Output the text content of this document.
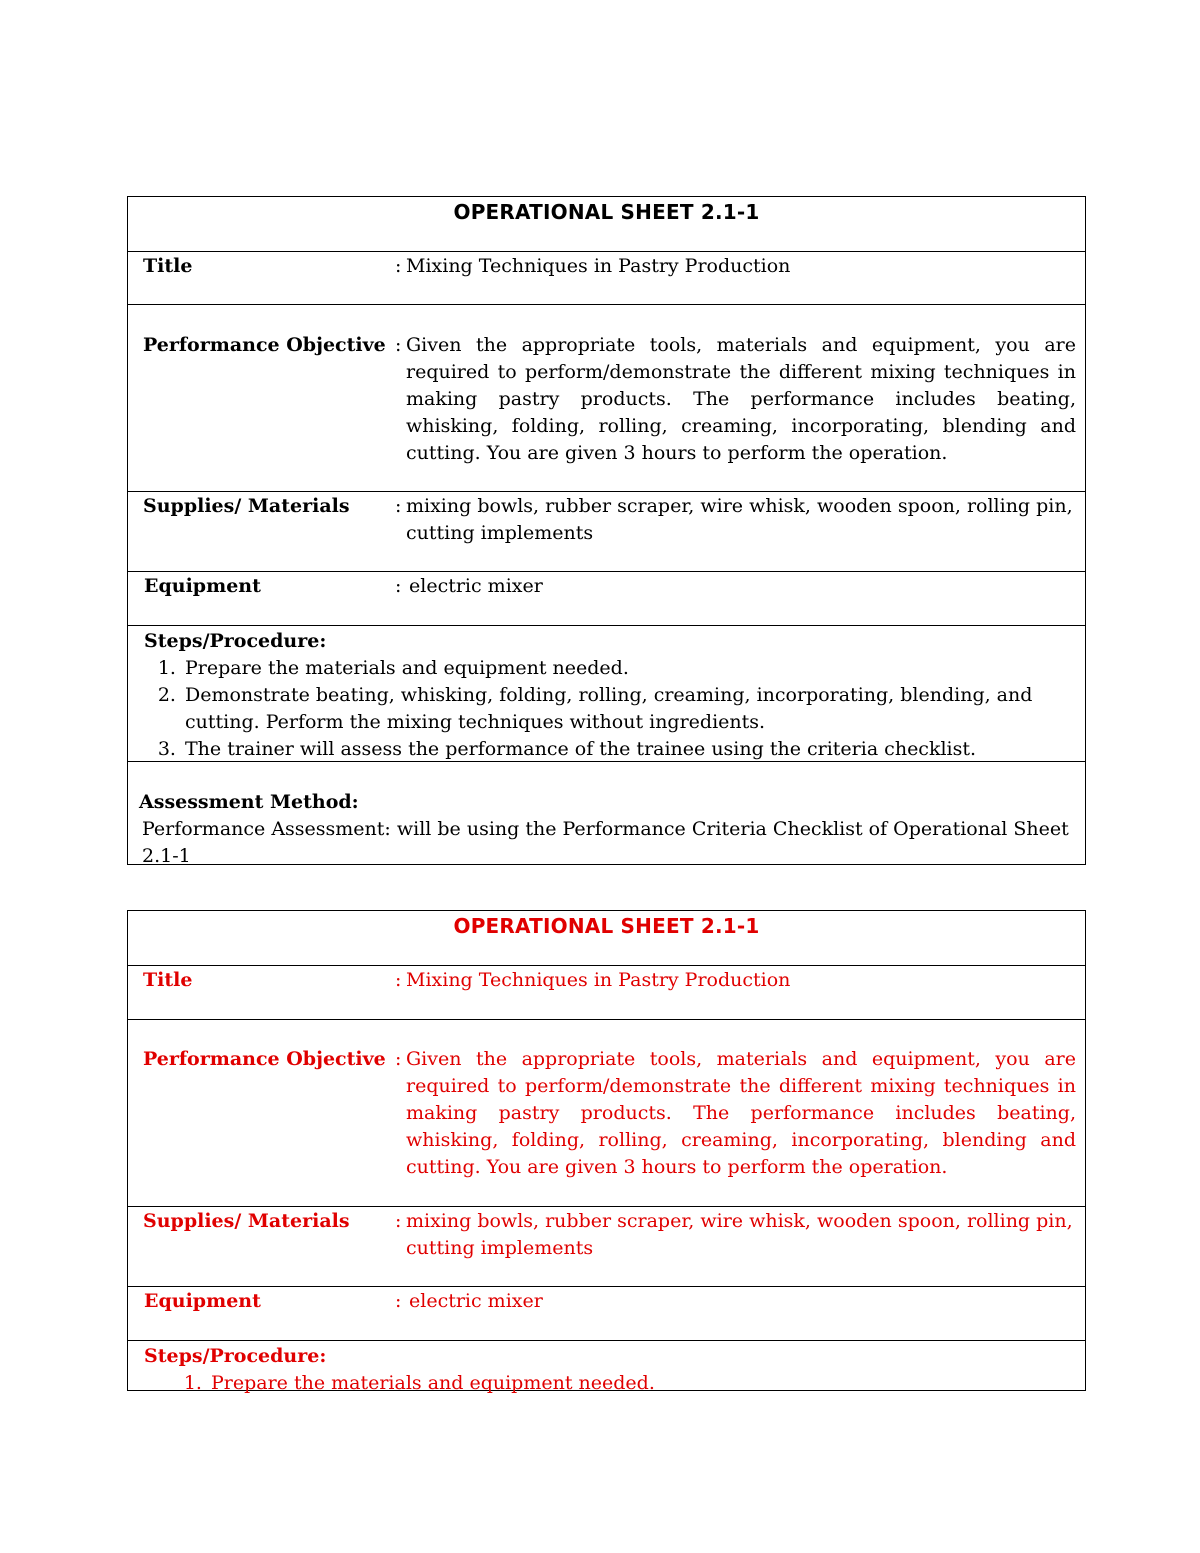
OPERATIONAL SHEET 2.1-1
Title	: Mixing Techniques in Pastry Production
Performance Objective : Given the appropriate tools, materials and equipment, you are required to perform/demonstrate the different mixing techniques in making pastry products. The performance includes beating, whisking, folding, rolling, creaming, incorporating, blending and cutting. You are given 3 hours to perform the operation.
Supplies/ Materials : mixing bowls, rubber scraper, wire whisk, wooden spoon, rolling pin, cutting implements
Equipment	: electric mixer
Steps/Procedure:
1. Prepare the materials and equipment needed.
2. Demonstrate beating, whisking, folding, rolling, creaming, incorporating, blending, and cutting. Perform the mixing techniques without ingredients.
3. The trainer will assess the performance of the trainee using the criteria checklist.
Assessment Method:
Performance Assessment: will be using the Performance Criteria Checklist of Operational Sheet 2.1-1
OPERATIONAL SHEET 2.1-1
Title	: Mixing Techniques in Pastry Production
Performance Objective : Given the appropriate tools, materials and equipment, you are required to perform/demonstrate the different mixing techniques in making pastry products. The performance includes beating, whisking, folding, rolling, creaming, incorporating, blending and cutting. You are given 3 hours to perform the operation.
Supplies/ Materials : mixing bowls, rubber scraper, wire whisk, wooden spoon, rolling pin, cutting implements
Equipment	: electric mixer
Steps/Procedure:
1. Prepare the materials and equipment needed.
